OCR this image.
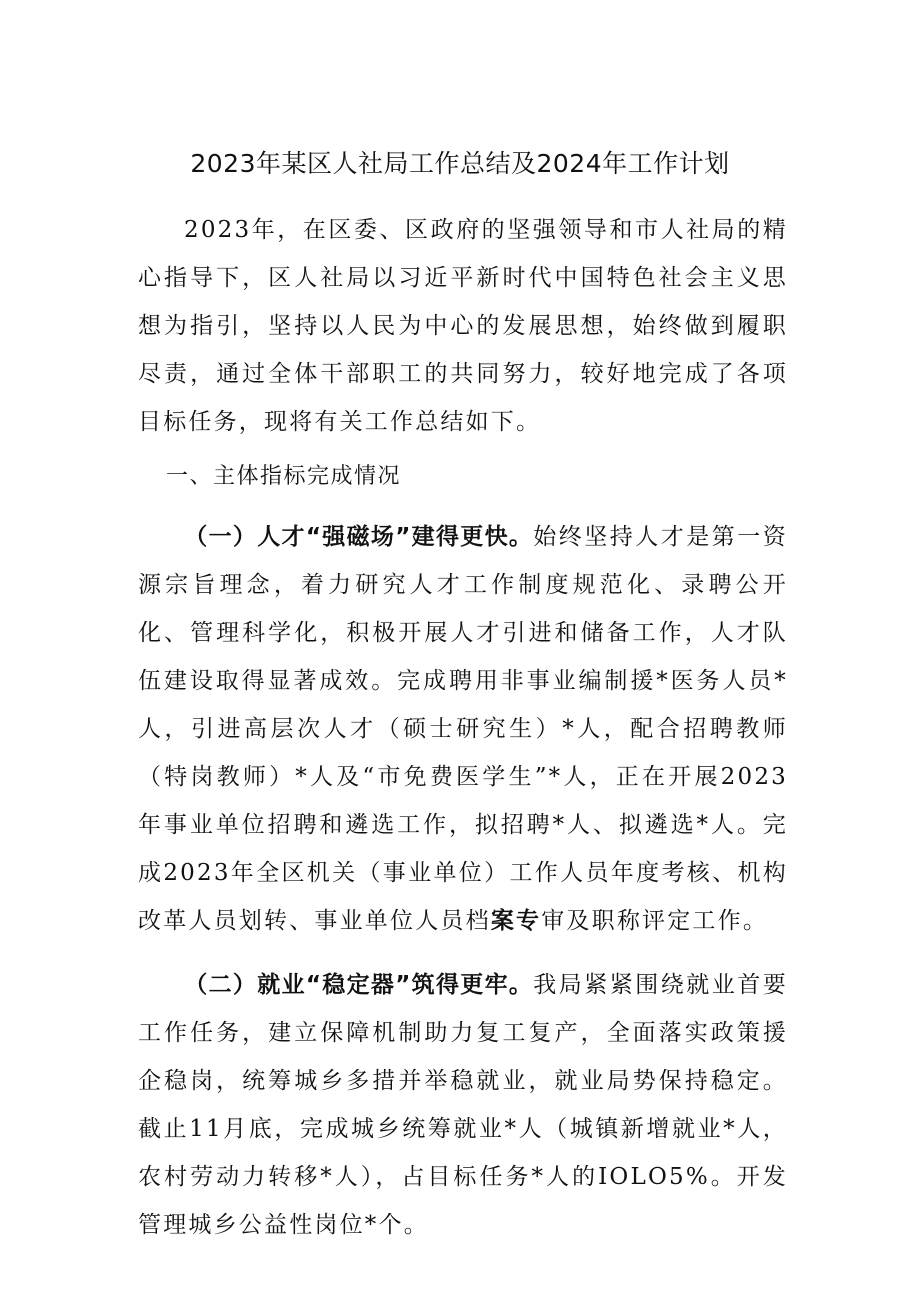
2023年某区人社局工作总结及2024年工作计划

2023年，在区委、区政府的坚强领导和市人社局的精心指导下，区人社局以习近平新时代中国特色社会主义思想为指引，坚持以人民为中心的发展思想，始终做到履职尽责，通过全体干部职工的共同努力，较好地完成了各项目标任务，现将有关工作总结如下。

一、主体指标完成情况

（一）人才“强磁场”建得更快。始终坚持人才是第一资源宗旨理念，着力研究人才工作制度规范化、录聘公开化、管理科学化，积极开展人才引进和储备工作，人才队伍建设取得显著成效。完成聘用非事业编制援*医务人员*人，引进高层次人才（硕士研究生）*人，配合招聘教师（特岗教师）*人及“市免费医学生”*人，正在开展2023年事业单位招聘和遴选工作，拟招聘*人、拟遴选*人。完成2023年全区机关（事业单位）工作人员年度考核、机构改革人员划转、事业单位人员档案专审及职称评定工作。

（二）就业“稳定器”筑得更牢。我局紧紧围绕就业首要工作任务，建立保障机制助力复工复产，全面落实政策援企稳岗，统筹城乡多措并举稳就业，就业局势保持稳定。截止11月底，完成城乡统筹就业*人（城镇新增就业*人，农村劳动力转移*人），占目标任务*人的IOLO5%。开发管理城乡公益性岗位*个。
